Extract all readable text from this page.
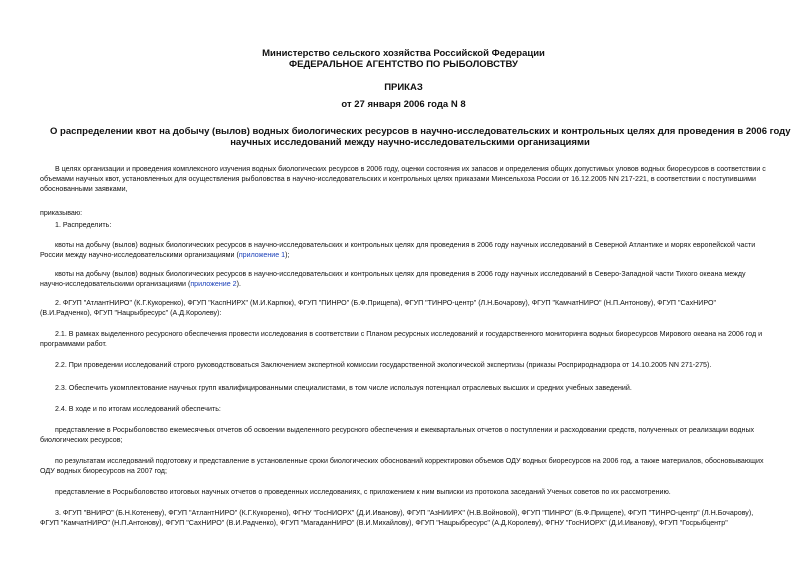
Министерство сельского хозяйства Российской Федерации
ФЕДЕРАЛЬНОЕ АГЕНТСТВО ПО РЫБОЛОВСТВУ
ПРИКАЗ
от 27 января 2006 года N 8
О распределении квот на добычу (вылов) водных биологических ресурсов в научно-исследовательских и контрольных целях для проведения в 2006 году
научных исследований между научно-исследовательскими организациями
В целях организации и проведения комплексного изучения водных биологических ресурсов в 2006 году, оценки состояния их запасов и определения общих допустимых уловов водных биоресурсов в соответствии с объемами научных квот, установленных для осуществления рыболовства в научно-исследовательских и контрольных целях приказами Минсельхоза России от 16.12.2005 NN 217-221, в соответствии с поступившими обоснованными заявками,
приказываю:
1. Распределить:
квоты на добычу (вылов) водных биологических ресурсов в научно-исследовательских и контрольных целях для проведения в 2006 году научных исследований в Северной Атлантике и морях европейской части России между научно-исследовательскими организациями (приложение 1);
квоты на добычу (вылов) водных биологических ресурсов в научно-исследовательских и контрольных целях для проведения в 2006 году научных исследований в Северо-Западной части Тихого океана между научно-исследовательскими организациями (приложение 2).
2. ФГУП "АтлантНИРО" (К.Г.Кукоренко), ФГУП "КаспНИРХ" (М.И.Карпюк), ФГУП "ПИНРО" (Б.Ф.Прищепа), ФГУП "ТИНРО-центр" (Л.Н.Бочарову), ФГУП "КамчатНИРО" (Н.П.Антонову), ФГУП "СахНИРО" (В.И.Радченко), ФГУП "Нацрыбресурс" (А.Д.Королеву):
2.1. В рамках выделенного ресурсного обеспечения провести исследования в соответствии с Планом ресурсных исследований и государственного мониторинга водных биоресурсов Мирового океана на 2006 год и программами работ.
2.2. При проведении исследований строго руководствоваться Заключением экспертной комиссии государственной экологической экспертизы (приказы Росприроднадзора от 14.10.2005 NN 271-275).
2.3. Обеспечить укомплектование научных групп квалифицированными специалистами, в том числе используя потенциал отраслевых высших и средних учебных заведений.
2.4. В ходе и по итогам исследований обеспечить:
представление в Росрыболовство ежемесячных отчетов об освоении выделенного ресурсного обеспечения и ежеквартальных отчетов о поступлении и расходовании средств, полученных от реализации водных биологических ресурсов;
по результатам исследований подготовку и представление в установленные сроки биологических обоснований корректировки объемов ОДУ водных биоресурсов на 2006 год, а также материалов, обосновывающих ОДУ водных биоресурсов на 2007 год;
представление в Росрыболовство итоговых научных отчетов о проведенных исследованиях, с приложением к ним выписки из протокола заседаний Ученых советов по их рассмотрению.
3. ФГУП "ВНИРО" (Б.Н.Котеневу), ФГУП "АтлантНИРО" (К.Г.Кукоренко), ФГНУ "ГосНИОРХ" (Д.И.Иванову), ФГУП "АзНИИРХ" (Н.В.Войновой), ФГУП "ПИНРО" (Б.Ф.Прищепе), ФГУП "ТИНРО-центр" (Л.Н.Бочарову), ФГУП "КамчатНИРО" (Н.П.Антонову), ФГУП "СахНИРО" (В.И.Радченко), ФГУП "МагаданНИРО" (В.И.Михайлову), ФГУП "Нацрыбресурс" (А.Д.Королеву), ФГНУ "ГосНИОРХ" (Д.И.Иванову), ФГУП "Госрыбцентр"
